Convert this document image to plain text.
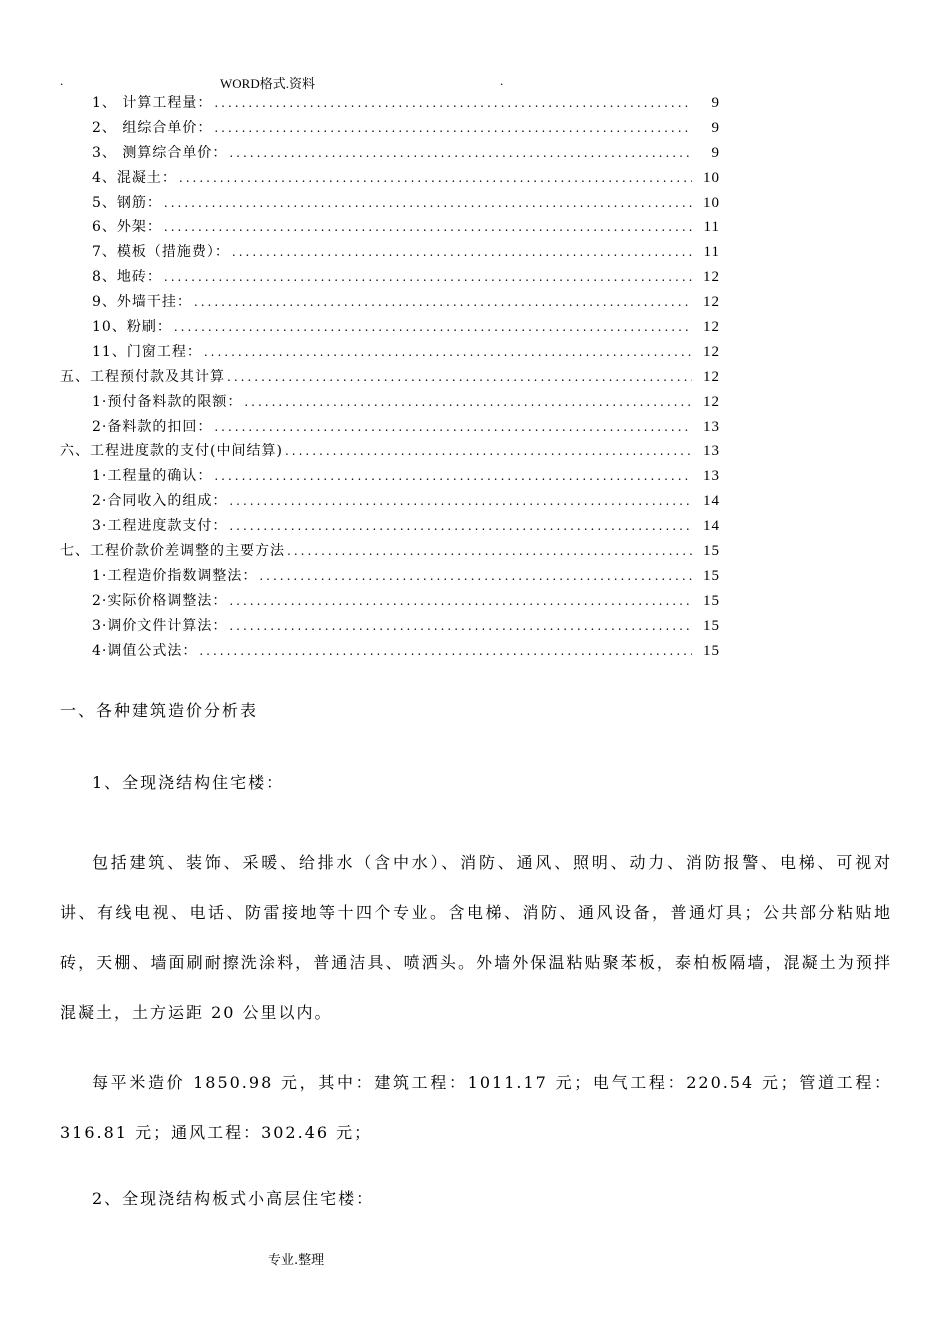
.	WORD格式.资料	.
1、 计算工程量： .....	9
2、 组综合单价： .....	9
3、 测算综合单价： .....	9
4、混凝土： .....	10
5、钢筋： .....	10
6、外架： .....	11
7、模板（措施费）： .....	11
8、地砖： .....	12
9、外墙干挂： .....	12
10、粉刷： .....	12
11、门窗工程： .....	12
五、工程预付款及其计算 .....	12
1·预付备料款的限额： .....	12
2·备料款的扣回： .....	13
六、工程进度款的支付(中间结算) .....	13
1·工程量的确认： .....	13
2·合同收入的组成： .....	14
3·工程进度款支付： .....	14
七、工程价款价差调整的主要方法 .....	15
1·工程造价指数调整法： .....	15
2·实际价格调整法： .....	15
3·调价文件计算法： .....	15
4·调值公式法： .....	15
一、各种建筑造价分析表
1、全现浇结构住宅楼：
包括建筑、装饰、采暖、给排水（含中水）、消防、通风、照明、动力、消防报警、电梯、可视对讲、有线电视、电话、防雷接地等十四个专业。含电梯、消防、通风设备，普通灯具；公共部分粘贴地砖，天棚、墙面刷耐擦洗涂料，普通洁具、喷洒头。外墙外保温粘贴聚苯板，泰柏板隔墙，混凝土为预拌混凝土，土方运距 20 公里以内。
每平米造价 1850.98 元，其中：建筑工程：1011.17 元；电气工程：220.54 元；管道工程：316.81 元；通风工程：302.46 元；
2、全现浇结构板式小高层住宅楼：
专业.整理
